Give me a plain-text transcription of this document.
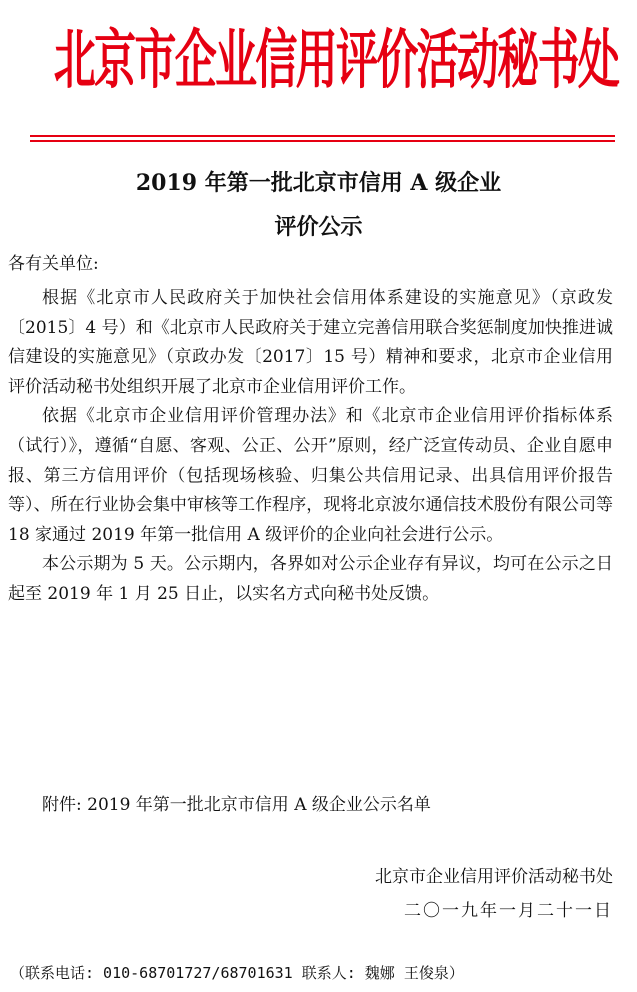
北京市企业信用评价活动秘书处
2019 年第一批北京市信用 A 级企业
评价公示
各有关单位:

根据《北京市人民政府关于加快社会信用体系建设的实施意见》（京政发〔2015〕4 号）和《北京市人民政府关于建立完善信用联合奖惩制度加快推进诚信建设的实施意见》（京政办发〔2017〕15 号）精神和要求，北京市企业信用评价活动秘书处组织开展了北京市企业信用评价工作。

依据《北京市企业信用评价管理办法》和《北京市企业信用评价指标体系（试行）》，遵循“自愿、客观、公正、公开”原则，经广泛宣传动员、企业自愿申报、第三方信用评价（包括现场核验、归集公共信用记录、出具信用评价报告等）、所在行业协会集中审核等工作程序，现将北京波尔通信技术股份有限公司等 18 家通过 2019 年第一批信用 A 级评价的企业向社会进行公示。

本公示期为 5 天。公示期内，各界如对公示企业存有异议，均可在公示之日起至 2019 年 1 月 25 日止，以实名方式向秘书处反馈。

附件: 2019 年第一批北京市信用 A 级企业公示名单
北京市企业信用评价活动秘书处
二〇一九年一月二十一日
（联系电话: 010-68701727/68701631 联系人: 魏娜 王俊泉）
